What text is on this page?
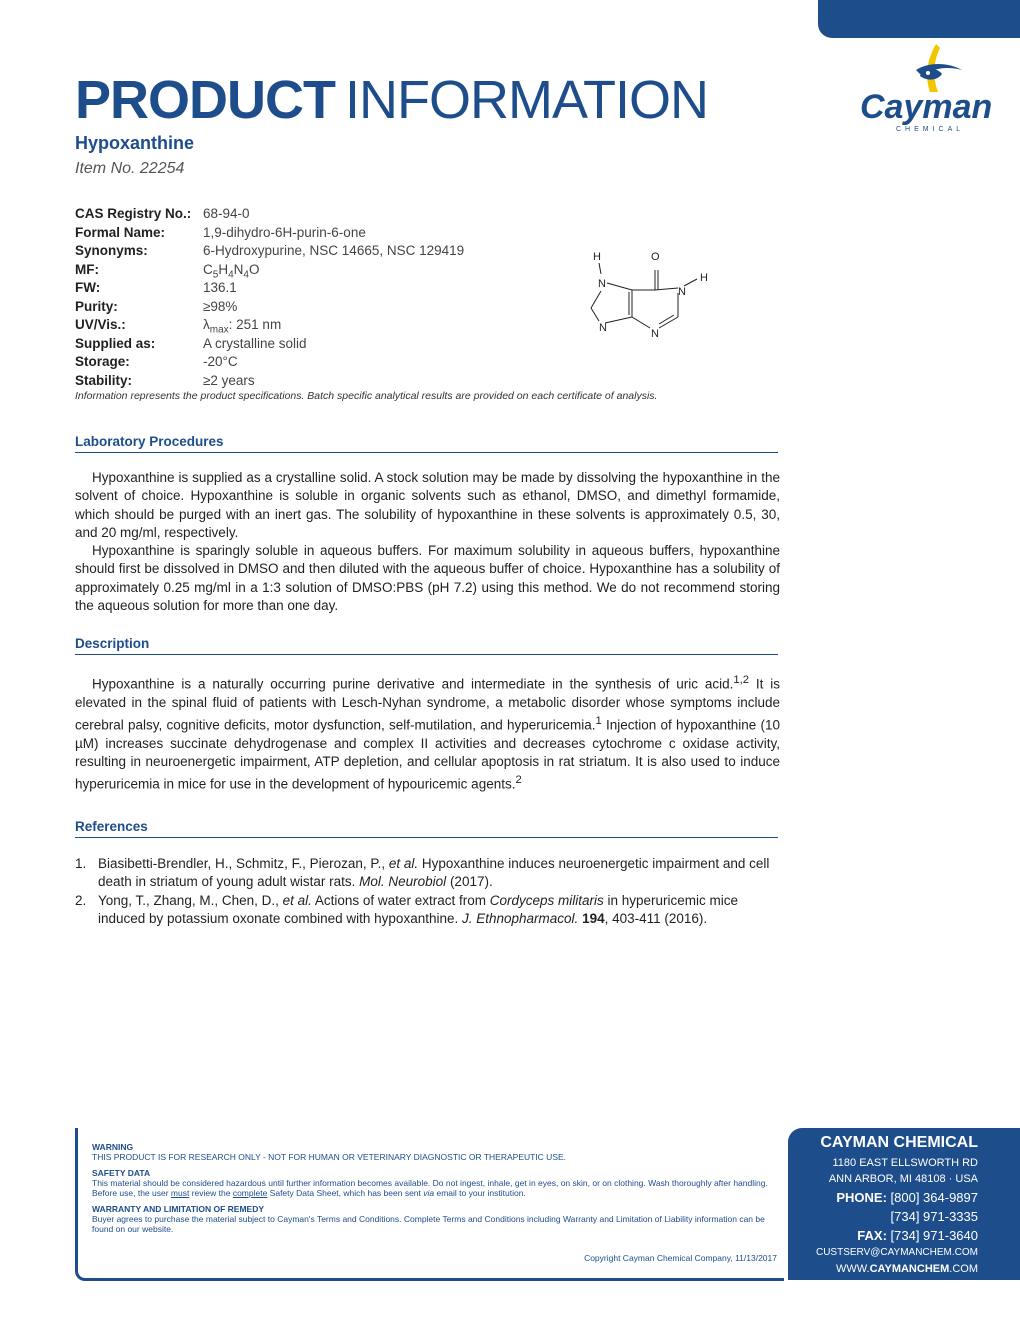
PRODUCT INFORMATION	Cayman
CHEMICAL
Hypoxanthine
Item No. 22254
CAS Registry No.: 68-94-0
Formal Name:	1,9-dihydro-6H-purin-6-one
Synonyms:	6-Hydroxypurine, NSC 14665, NSC 129419
MF:	$C_5H_4N_4O$
FW:	136.1
Purity:	≥98%
UV/Vis.:	$\lambda_{max}$: 251 nm
Supplied as:	A crystalline solid
Storage:	-20°C
Stability:	≥2 years
Information represents the product specifications. Batch specific analytical results are provided on each certificate of analysis.
H	O
N	H
N
N	N
Laboratory Procedures

Hypoxanthine is supplied as a crystalline solid. A stock solution may be made by dissolving the hypoxanthine in the solvent of choice. Hypoxanthine is soluble in organic solvents such as ethanol, DMSO, and dimethyl formamide, which should be purged with an inert gas. The solubility of hypoxanthine in these solvents is approximately 0.5, 30, and 20 mg/ml, respectively.

Hypoxanthine is sparingly soluble in aqueous buffers. For maximum solubility in aqueous buffers, hypoxanthine should first be dissolved in DMSO and then diluted with the aqueous buffer of choice. Hypoxanthine has a solubility of approximately 0.25 mg/ml in a 1:3 solution of DMSO:PBS (pH 7.2) using this method. We do not recommend storing the aqueous solution for more than one day.

Description

Hypoxanthine is a naturally occurring purine derivative and intermediate in the synthesis of uric acid.$^{1,2}$ It is elevated in the spinal fluid of patients with Lesch-Nyhan syndrome, a metabolic disorder whose symptoms include cerebral palsy, cognitive deficits, motor dysfunction, self-mutilation, and hyperuricemia.$^1$ Injection of hypoxanthine (10 µM) increases succinate dehydrogenase and complex II activities and decreases cytochrome c oxidase activity, resulting in neuroenergetic impairment, ATP depletion, and cellular apoptosis in rat striatum. It is also used to induce hyperuricemia in mice for use in the development of hypouricemic agents.$^2$

References
1. Biasibetti-Brendler, H., Schmitz, F., Pierozan, P., et al. Hypoxanthine induces neuroenergetic impairment and cell death in striatum of young adult wistar rats. Mol. Neurobiol (2017).
2. Yong, T., Zhang, M., Chen, D., et al. Actions of water extract from Cordyceps militaris in hyperuricemic mice induced by potassium oxonate combined with hypoxanthine. J. Ethnopharmacol. 194, 403-411 (2016).
WARNING
THIS PRODUCT IS FOR RESEARCH ONLY - NOT FOR HUMAN OR VETERINARY DIAGNOSTIC OR THERAPEUTIC USE.
SAFETY DATA
This material should be considered hazardous until further information becomes available. Do not ingest, inhale, get in eyes, on skin, or on clothing. Wash thoroughly after handling. Before use, the user must review the complete Safety Data Sheet, which has been sent via email to your institution.
WARRANTY AND LIMITATION OF REMEDY
Buyer agrees to purchase the material subject to Cayman's Terms and Conditions. Complete Terms and Conditions including Warranty and Limitation of Liability information can be found on our website.
Copyright Cayman Chemical Company, 11/13/2017
CAYMAN CHEMICAL
1180 EAST ELLSWORTH RD
ANN ARBOR, MI 48108 · USA
PHONE: [800] 364-9897
[734] 971-3335
FAX: [734] 971-3640
CUSTSERV@CAYMANCHEM.COM
WWW.CAYMANCHEM.COM
